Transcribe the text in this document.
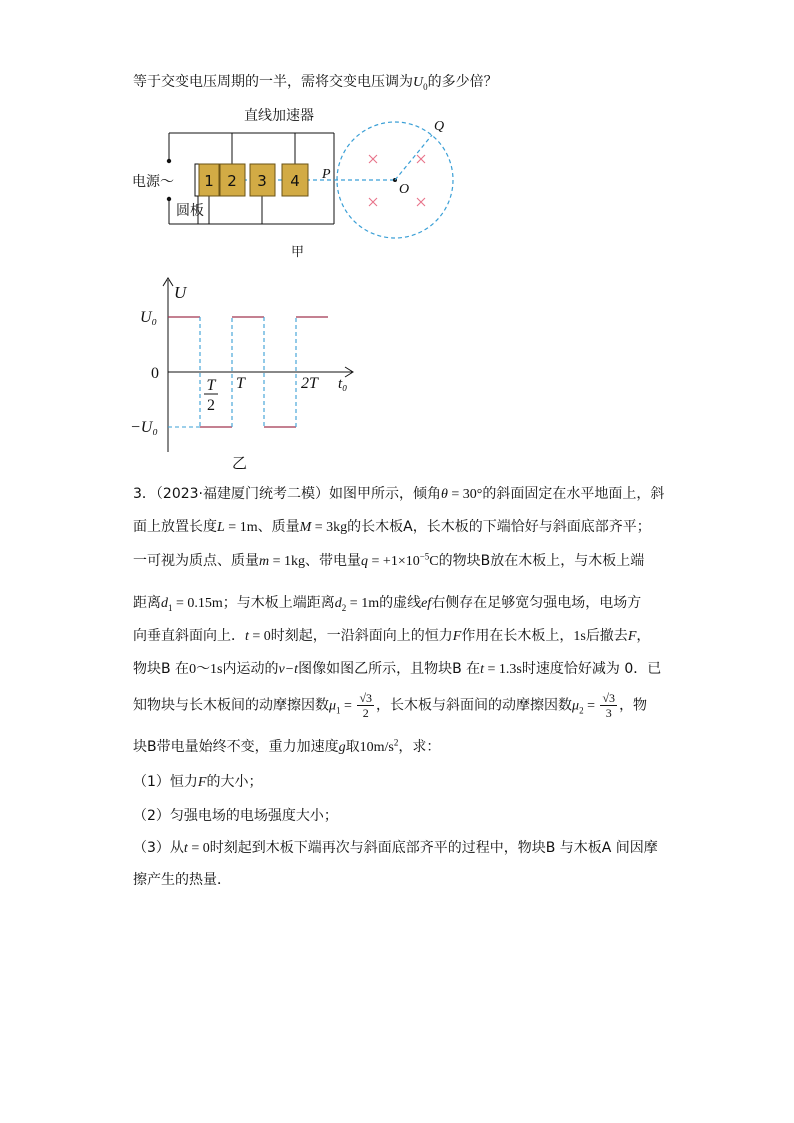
等于交变电压周期的一半，需将交变电压调为$U_0$的多少倍？
直线加速器
电源～
圆板
1 2 3 4 P
Q
O
甲
U
t₀
U₀
0
−U₀
T
2
T	2T
乙
3．（2023·福建厦门统考二模）如图甲所示，倾角θ = 30°的斜面固定在水平地面上，斜
面上放置长度L = 1m、质量M = 3kg的长木板A，长木板的下端恰好与斜面底部齐平；
一可视为质点、质量m = 1kg、带电量$q = +1\times 10^{-5}C$的物块B放在木板上，与木板上端
距离$d_1 = 0.15m$；与木板上端距离$d_2 = 1m$的虚线ef右侧存在足够宽匀强电场，电场方
向垂直斜面向上．t = 0时刻起，一沿斜面向上的恒力F作用在长木板上，1s后撤去F，
物块B 在0～1s内运动的v−t图像如图乙所示，且物块B 在t = 1.3s时速度恰好减为 0．已
知物块与长木板间的动摩擦因数$\mu_1 = \frac{√3}{2}$ ，长木板与斜面间的动摩擦因数$\mu_2 = \frac{√3}{3}$ ，物
块B带电量始终不变，重力加速度g取$10m/s^2$，求：
（1）恒力F的大小；
（2）匀强电场的电场强度大小；
（3）从t = 0时刻起到木板下端再次与斜面底部齐平的过程中，物块B 与木板A 间因摩
擦产生的热量．
